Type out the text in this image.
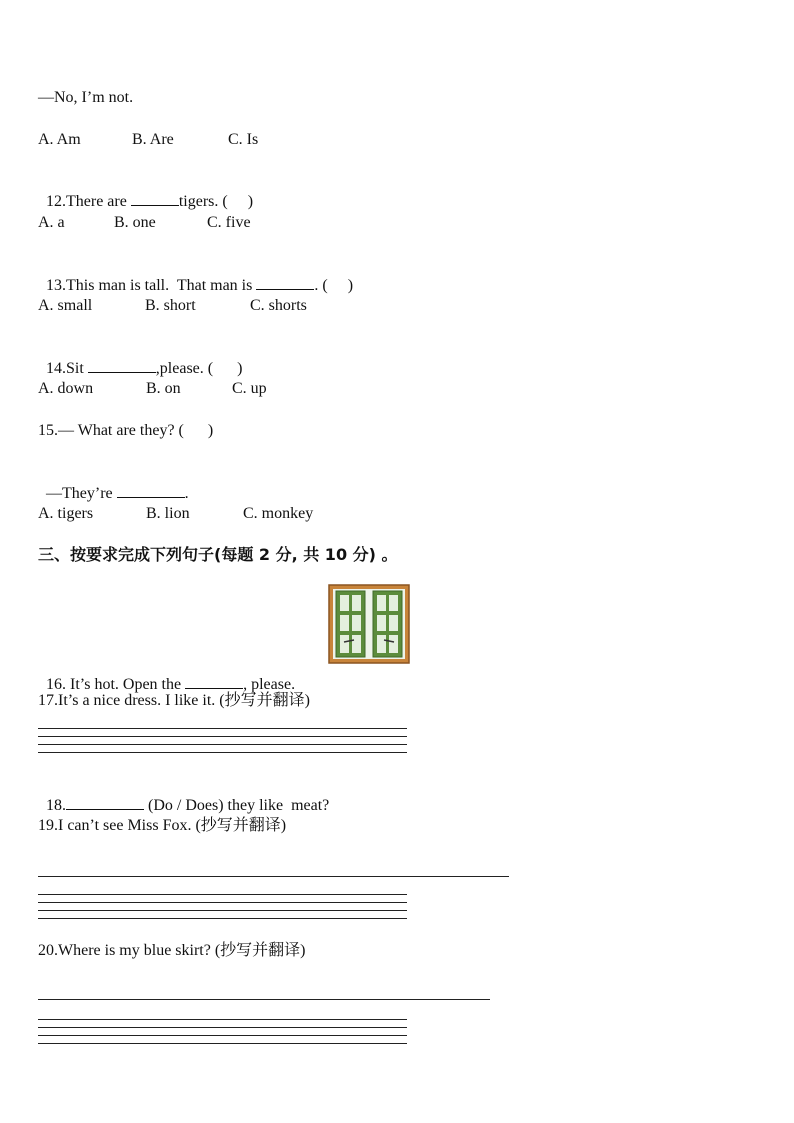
—No, I’m not.
A. Am	B. Are	C. Is

12.There are	tigers. (     )

A. a	B. one	C. five

13.This man is tall.  That man is	. (     )

A. small	B. short	C. shorts

14.Sit	,please. (      )

A. down	B. on	C. up
15.— What are they? (      )

—They’re	.

A. tigers	B. lion	C. monkey
三、按要求完成下列句子(每题 2 分, 共 10 分) 。

16. It’s hot. Open the	, please.

17.It’s a nice dress. I like it. (抄写并翻译)

18.	(Do / Does) they like  meat?

19.I can’t see Miss Fox. (抄写并翻译)
20.Where is my blue skirt? (抄写并翻译)
